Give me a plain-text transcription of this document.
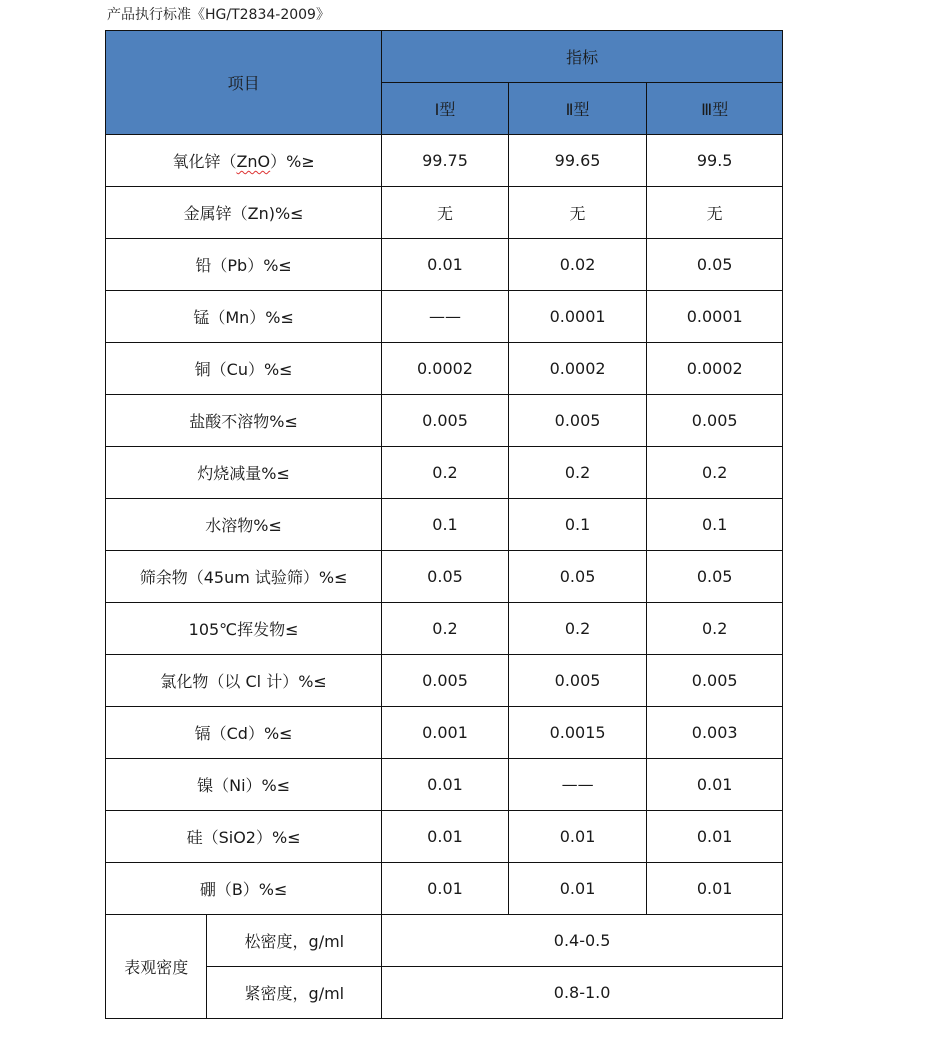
产品执行标准《HG/T2834-2009》
项目		指标		
		Ⅰ型	Ⅱ型	Ⅲ型
氧化锌（ZnO）%≥		99.75	99.65	99.5
金属锌（Zn)%≤		无	无	无
铅（Pb）%≤		0.01	0.02	0.05
锰（Mn）%≤		——	0.0001	0.0001
铜（Cu）%≤		0.0002	0.0002	0.0002
盐酸不溶物%≤		0.005	0.005	0.005
灼烧减量%≤		0.2	0.2	0.2
水溶物%≤		0.1	0.1	0.1
筛余物（45um 试验筛）%≤		0.05	0.05	0.05
105℃挥发物≤		0.2	0.2	0.2
氯化物（以 Cl 计）%≤		0.005	0.005	0.005
镉（Cd）%≤		0.001	0.0015	0.003
镍（Ni）%≤		0.01	——	0.01
硅（SiO2）%≤		0.01	0.01	0.01
硼（B）%≤		0.01	0.01	0.01
表观密度	松密度，g/ml	0.4-0.5		
	紧密度，g/ml	0.8-1.0		
